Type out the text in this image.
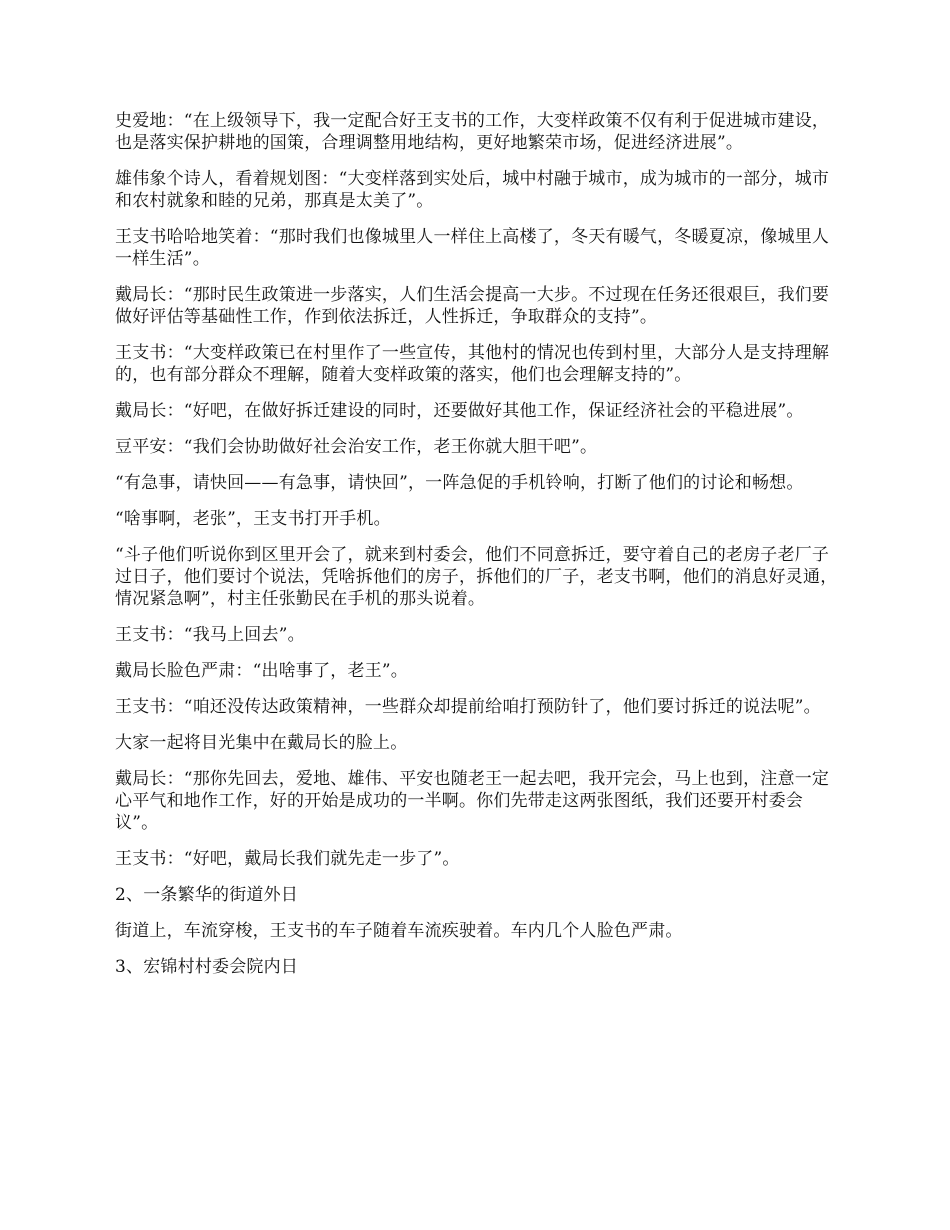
史爱地：“在上级领导下，我一定配合好王支书的工作，大变样政策不仅有利于促进城市建设，也是落实保护耕地的国策，合理调整用地结构，更好地繁荣市场，促进经济进展”。

雄伟象个诗人，看着规划图：“大变样落到实处后，城中村融于城市，成为城市的一部分，城市和农村就象和睦的兄弟，那真是太美了”。

王支书哈哈地笑着：“那时我们也像城里人一样住上高楼了，冬天有暖气，冬暖夏凉，像城里人一样生活”。

戴局长：“那时民生政策进一步落实，人们生活会提高一大步。不过现在任务还很艰巨，我们要做好评估等基础性工作，作到依法拆迁，人性拆迁，争取群众的支持”。

王支书：“大变样政策已在村里作了一些宣传，其他村的情况也传到村里，大部分人是支持理解的，也有部分群众不理解，随着大变样政策的落实，他们也会理解支持的”。

戴局长：“好吧，在做好拆迁建设的同时，还要做好其他工作，保证经济社会的平稳进展”。

豆平安：“我们会协助做好社会治安工作，老王你就大胆干吧”。

“有急事，请快回——有急事，请快回”，一阵急促的手机铃响，打断了他们的讨论和畅想。

“啥事啊，老张”，王支书打开手机。

“斗子他们听说你到区里开会了，就来到村委会，他们不同意拆迁，要守着自己的老房子老厂子过日子，他们要讨个说法，凭啥拆他们的房子，拆他们的厂子，老支书啊，他们的消息好灵通，情况紧急啊”，村主任张勤民在手机的那头说着。

王支书：“我马上回去”。

戴局长脸色严肃：“出啥事了，老王”。

王支书：“咱还没传达政策精神，一些群众却提前给咱打预防针了，他们要讨拆迁的说法呢”。

大家一起将目光集中在戴局长的脸上。

戴局长：“那你先回去，爱地、雄伟、平安也随老王一起去吧，我开完会，马上也到，注意一定心平气和地作工作，好的开始是成功的一半啊。你们先带走这两张图纸，我们还要开村委会议”。

王支书：“好吧，戴局长我们就先走一步了”。

2、一条繁华的街道外日

街道上，车流穿梭，王支书的车子随着车流疾驶着。车内几个人脸色严肃。

3、宏锦村村委会院内日
